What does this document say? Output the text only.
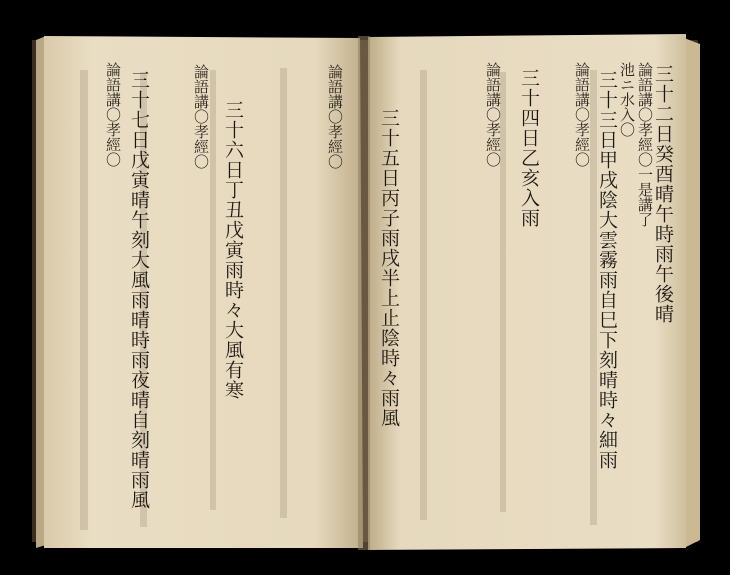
三十二日癸酉晴午時雨午後晴
論語講〇孝經〇一是講了
池ニ水入〇
三十三日甲戌陰大雲霧雨自巳下刻晴時々細雨
論語講〇孝經〇
三十四日乙亥入雨
論語講〇孝經〇
三十五日丙子雨戌半上止陰時々雨風
論語講〇孝經〇
三十六日丁丑戊寅雨時々大風有寒
論語講〇孝經〇
三十七日戊寅晴午刻大風雨晴時雨夜晴自刻晴雨風
論語講〇孝經〇
